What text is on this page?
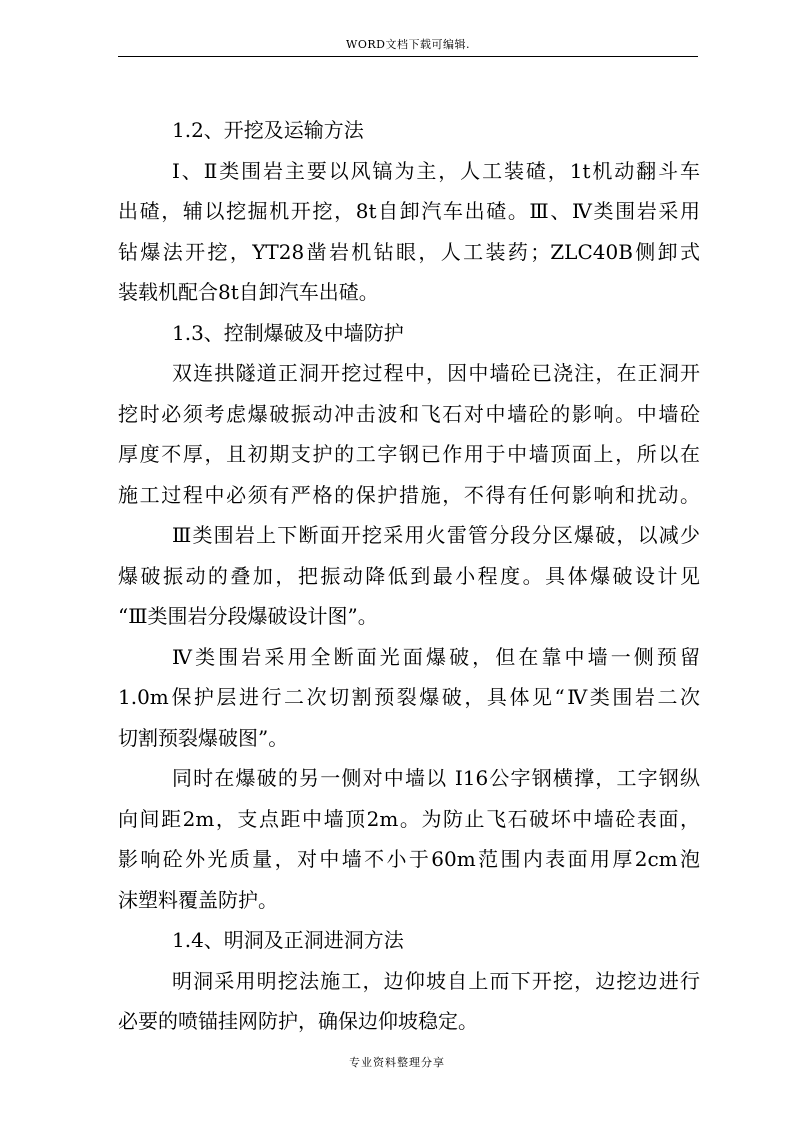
WORD文档下载可编辑.
1.2、开挖及运输方法
Ⅰ、Ⅱ类围岩主要以风镐为主，人工装碴，1t机动翻斗车
出碴，辅以挖掘机开挖，8t自卸汽车出碴。Ⅲ、Ⅳ类围岩采用
钻爆法开挖，YT28凿岩机钻眼，人工装药；ZLC40B侧卸式
装载机配合8t自卸汽车出碴。
1.3、控制爆破及中墙防护
双连拱隧道正洞开挖过程中，因中墙砼已浇注，在正洞开
挖时必须考虑爆破振动冲击波和飞石对中墙砼的影响。中墙砼
厚度不厚，且初期支护的工字钢已作用于中墙顶面上，所以在
施工过程中必须有严格的保护措施，不得有任何影响和扰动。
Ⅲ类围岩上下断面开挖采用火雷管分段分区爆破，以减少
爆破振动的叠加，把振动降低到最小程度。具体爆破设计见
“Ⅲ类围岩分段爆破设计图”。
Ⅳ类围岩采用全断面光面爆破，但在靠中墙一侧预留
1.0m保护层进行二次切割预裂爆破，具体见“Ⅳ类围岩二次
切割预裂爆破图”。
同时在爆破的另一侧对中墙以 I16公字钢横撑，工字钢纵
向间距2m，支点距中墙顶2m。为防止飞石破坏中墙砼表面，
影响砼外光质量，对中墙不小于60m范围内表面用厚2cm泡
沫塑料覆盖防护。
1.4、明洞及正洞进洞方法
明洞采用明挖法施工，边仰坡自上而下开挖，边挖边进行
必要的喷锚挂网防护，确保边仰坡稳定。
专业资料整理分享
